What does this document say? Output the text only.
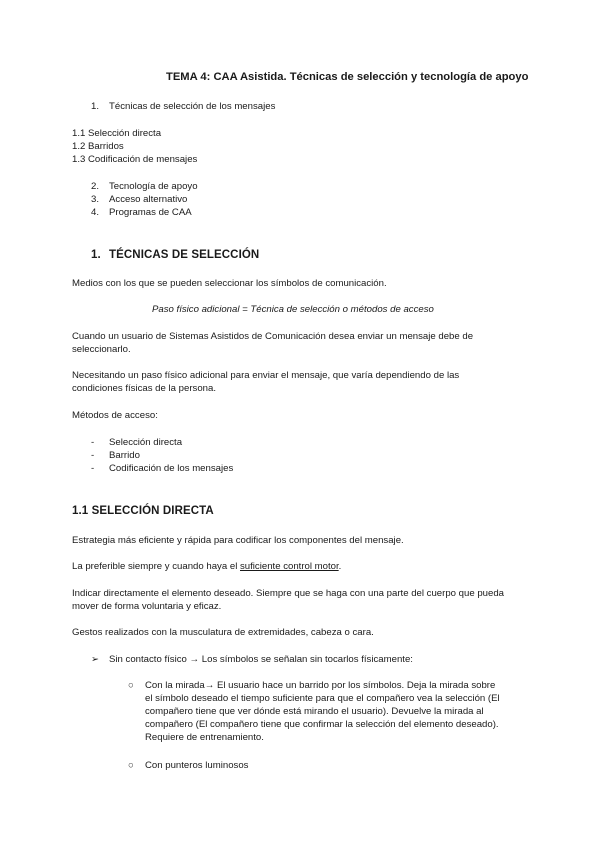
TEMA 4: CAA Asistida. Técnicas de selección y tecnología de apoyo
1. Técnicas de selección de los mensajes
1.1 Selección directa
1.2 Barridos
1.3 Codificación de mensajes
2. Tecnología de apoyo
3. Acceso alternativo
4. Programas de CAA
1. TÉCNICAS DE SELECCIÓN
Medios con los que se pueden seleccionar los símbolos de comunicación.
Paso físico adicional = Técnica de selección o métodos de acceso
Cuando un usuario de Sistemas Asistidos de Comunicación desea enviar un mensaje debe de
seleccionarlo.
Necesitando un paso físico adicional para enviar el mensaje, que varía dependiendo de las
condiciones físicas de la persona.
Métodos de acceso:
- Selección directa
- Barrido
- Codificación de los mensajes
1.1 SELECCIÓN DIRECTA
Estrategia más eficiente y rápida para codificar los componentes del mensaje.
La preferible siempre y cuando haya el suficiente control motor.
Indicar directamente el elemento deseado. Siempre que se haga con una parte del cuerpo que pueda
mover de forma voluntaria y eficaz.
Gestos realizados con la musculatura de extremidades, cabeza o cara.
➢ Sin contacto físico → Los símbolos se señalan sin tocarlos físicamente:
○ Con la mirada→ El usuario hace un barrido por los símbolos. Deja la mirada sobre
el símbolo deseado el tiempo suficiente para que el compañero vea la selección (El
compañero tiene que ver dónde está mirando el usuario). Devuelve la mirada al
compañero (El compañero tiene que confirmar la selección del elemento deseado).
Requiere de entrenamiento.
○ Con punteros luminosos
